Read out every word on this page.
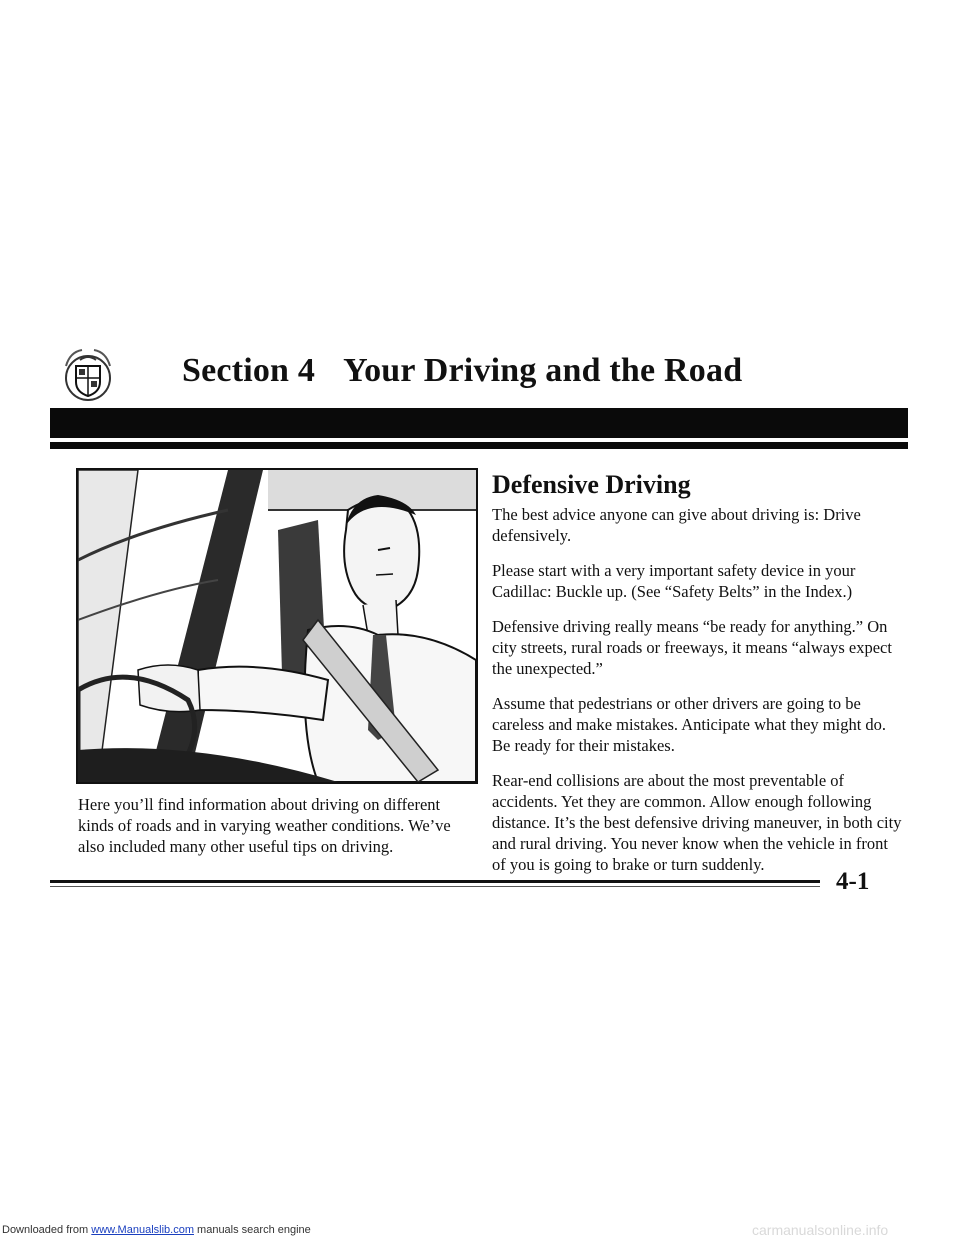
Downloaded from www.Manualslib.com manuals search engine
Section 4 Your Driving and the Road
Here you’ll find information about driving on different kinds of roads and in varying weather conditions. We’ve also included many other useful tips on driving.
Defensive Driving

The best advice anyone can give about driving is: Drive defensively.

Please start with a very important safety device in your Cadillac: Buckle up. (See “Safety Belts” in the Index.)

Defensive driving really means “be ready for anything.” On city streets, rural roads or freeways, it means “always expect the unexpected.”

Assume that pedestrians or other drivers are going to be careless and make mistakes. Anticipate what they might do. Be ready for their mistakes.

Rear-end collisions are about the most preventable of accidents. Yet they are common. Allow enough following distance. It’s the best defensive driving maneuver, in both city and rural driving. You never know when the vehicle in front of you is going to brake or turn suddenly.

4-1
carmanualsonline.info
